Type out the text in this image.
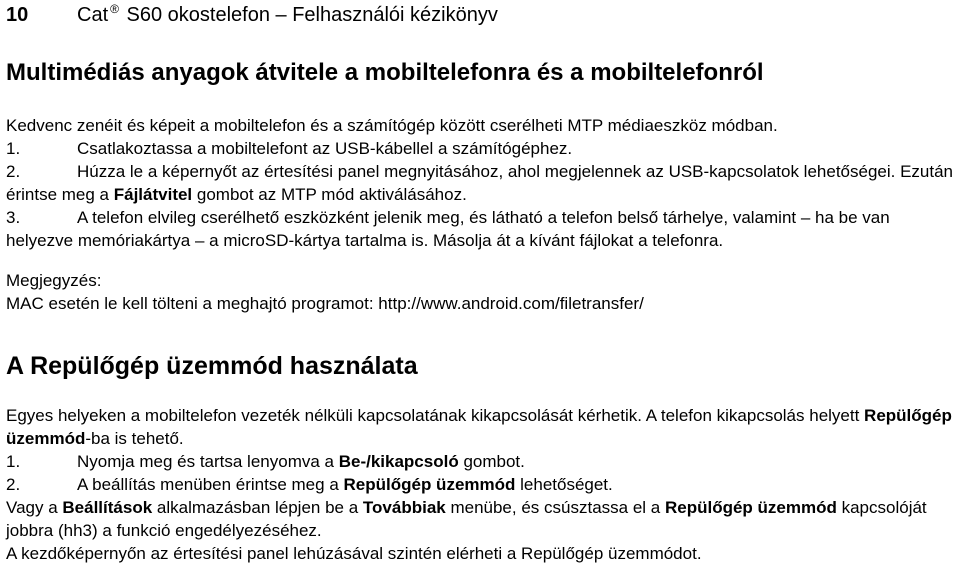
10	Cat ® S60 okostelefon – Felhasználói kézikönyv
Multimédiás anyagok átvitele a mobiltelefonra és a mobiltelefonról

Kedvenc zenéit és képeit a mobiltelefon és a számítógép között cserélheti MTP médiaeszköz módban.

1.	Csatlakoztassa a mobiltelefont az USB-kábellel a számítógéphez.
2.	Húzza le a képernyőt az értesítési panel megnyitásához, ahol megjelennek az USB-kapcsolatok lehetőségei. Ezután érintse meg a Fájlátvitel gombot az MTP mód aktiválásához.
3.	A telefon elvileg cserélhető eszközként jelenik meg, és látható a telefon belső tárhelye, valamint – ha be van helyezve memóriakártya – a microSD-kártya tartalma is. Másolja át a kívánt fájlokat a telefonra.

Megjegyzés:

MAC esetén le kell tölteni a meghajtó programot: http://www.android.com/filetransfer/

A Repülőgép üzemmód használata

Egyes helyeken a mobiltelefon vezeték nélküli kapcsolatának kikapcsolását kérhetik. A telefon kikapcsolás helyett Repülőgép üzemmód-ba is tehető.

1.	Nyomja meg és tartsa lenyomva a Be-/kikapcsoló gombot.
2.	A beállítás menüben érintse meg a Repülőgép üzemmód lehetőséget.

Vagy a Beállítások alkalmazásban lépjen be a Továbbiak menübe, és csúsztassa el a Repülőgép üzemmód kapcsolóját jobbra (hh3) a funkció engedélyezéséhez.

A kezdőképernyőn az értesítési panel lehúzásával szintén elérheti a Repülőgép üzemmódot.
